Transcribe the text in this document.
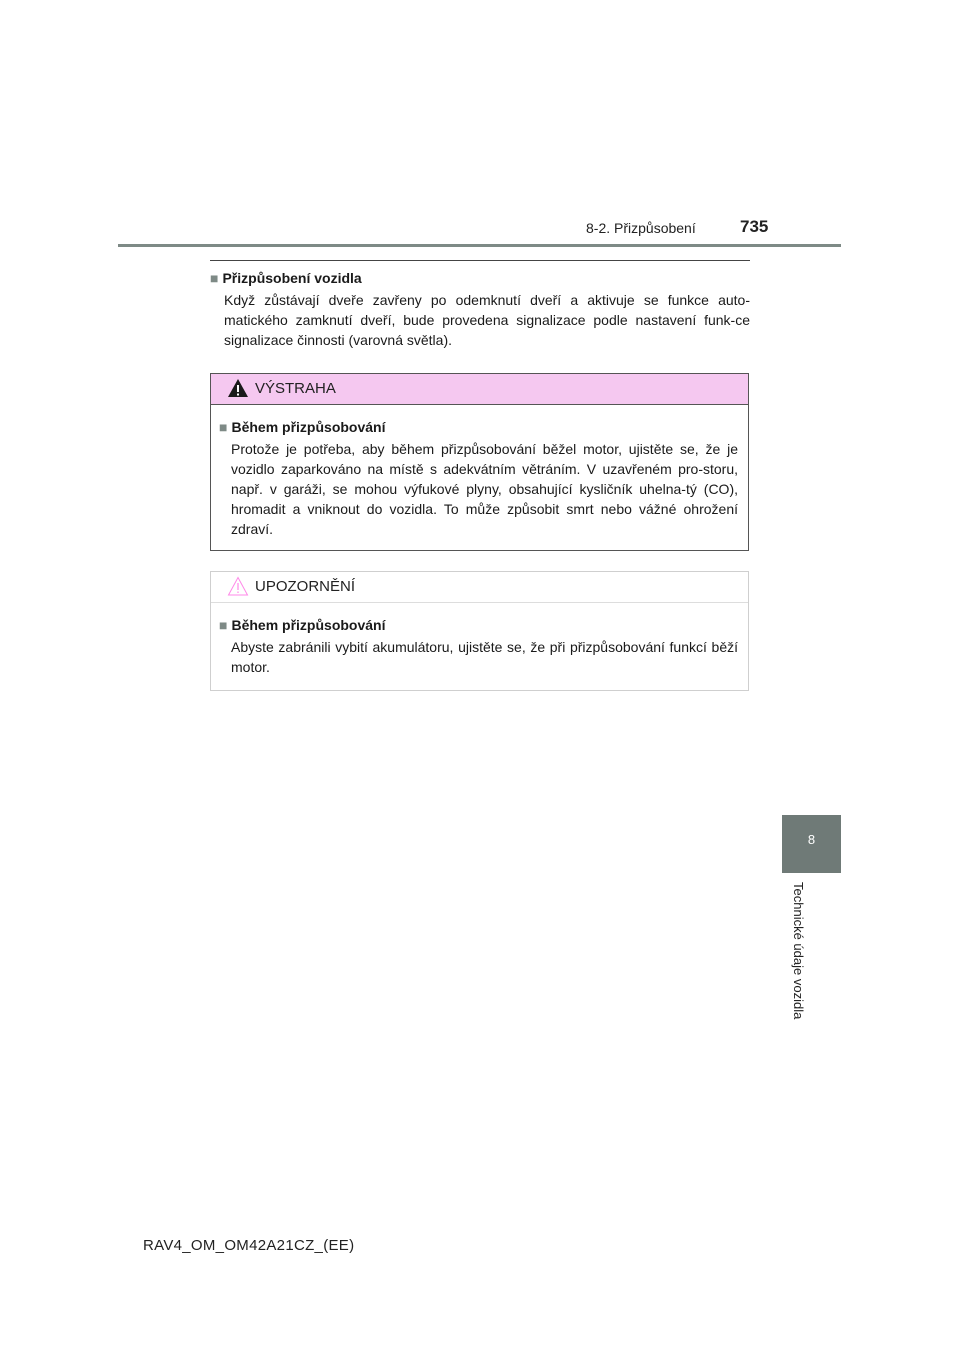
8-2. Přizpůsobení	735
■ Přizpůsobení vozidla
Když zůstávají dveře zavřeny po odemknutí dveří a aktivuje se funkce auto-matického zamknutí dveří, bude provedena signalizace podle nastavení funk-ce signalizace činnosti (varovná světla).
VÝSTRAHA
■ Během přizpůsobování
Protože je potřeba, aby během přizpůsobování běžel motor, ujistěte se, že je vozidlo zaparkováno na místě s adekvátním větráním. V uzavřeném pro-storu, např. v garáži, se mohou výfukové plyny, obsahující kysličník uhelna-tý (CO), hromadit a vniknout do vozidla. To může způsobit smrt nebo vážné ohrožení zdraví.
UPOZORNĚNÍ
■ Během přizpůsobování
Abyste zabránili vybití akumulátoru, ujistěte se, že při přizpůsobování funkcí běží motor.
8
Technické údaje vozidla
RAV4_OM_OM42A21CZ_(EE)
